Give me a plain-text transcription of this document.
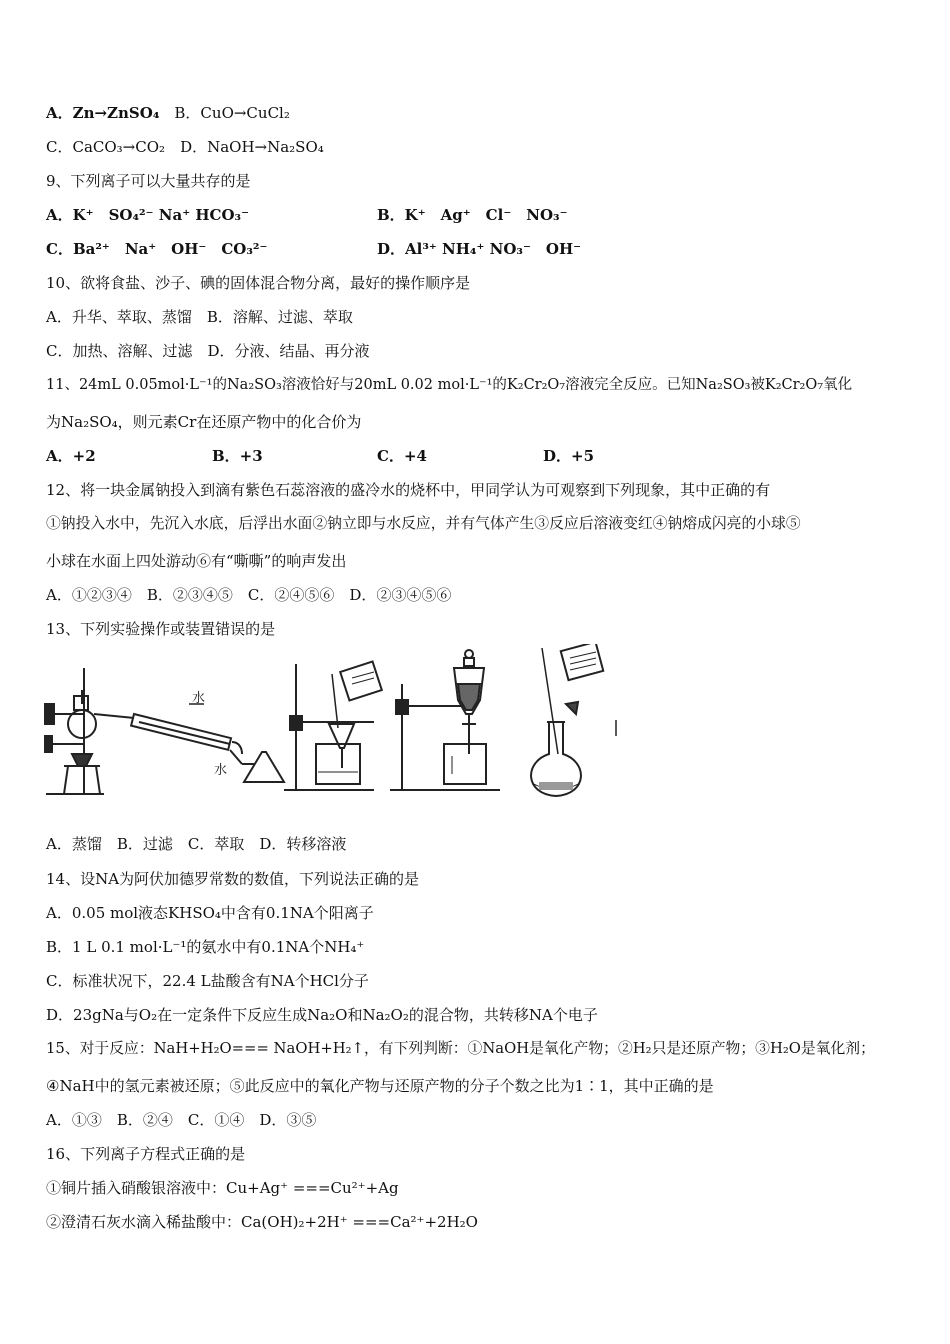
A．Zn→ZnSO₄　 B．CuO→CuCl₂
C．CaCO₃→CO₂　 D．NaOH→Na₂SO₄
9、下列离子可以大量共存的是
A．K⁺　SO₄²⁻ Na⁺ HCO₃⁻	B．K⁺　Ag⁺　Cl⁻　NO₃⁻
C．Ba²⁺　Na⁺　OH⁻　CO₃²⁻	D．Al³⁺ NH₄⁺ NO₃⁻　OH⁻
10、欲将食盐、沙子、碘的固体混合物分离，最好的操作顺序是
A．升华、萃取、蒸馏　B．溶解、过滤、萃取
C．加热、溶解、过滤　D．分液、结晶、再分液
11、24mL 0.05mol·L⁻¹的Na₂SO₃溶液恰好与20mL 0.02 mol·L⁻¹的K₂Cr₂O₇溶液完全反应。已知Na₂SO₃被K₂Cr₂O₇氧化
为Na₂SO₄，则元素Cr在还原产物中的化合价为
A．+2	B．+3	C．+4	D．+5
12、将一块金属钠投入到滴有紫色石蕊溶液的盛冷水的烧杯中，甲同学认为可观察到下列现象，其中正确的有
①钠投入水中，先沉入水底，后浮出水面②钠立即与水反应，并有气体产生③反应后溶液变红④钠熔成闪亮的小球⑤
小球在水面上四处游动⑥有“嘶嘶”的响声发出
A．①②③④　B．②③④⑤　C．②④⑤⑥　D．②③④⑤⑥
13、下列实验操作或装置错误的是
水
水
A．蒸馏　B．过滤　C．萃取　D．转移溶液
14、设NA为阿伏加德罗常数的数值，下列说法正确的是
A．0.05 mol液态KHSO₄中含有0.1NA个阳离子
B．1 L 0.1 mol·L⁻¹的氨水中有0.1NA个NH₄⁺
C．标准状况下，22.4 L盐酸含有NA个HCl分子
D．23gNa与O₂在一定条件下反应生成Na₂O和Na₂O₂的混合物，共转移NA个电子
15、对于反应：NaH+H₂O=== NaOH+H₂↑，有下列判断：①NaOH是氧化产物；②H₂只是还原产物；③H₂O是氧化剂；
④NaH中的氢元素被还原；⑤此反应中的氧化产物与还原产物的分子个数之比为1∶1，其中正确的是
A．①③　B．②④　C．①④　D．③⑤
16、下列离子方程式正确的是
①铜片插入硝酸银溶液中：Cu+Ag⁺ ===Cu²⁺+Ag
②澄清石灰水滴入稀盐酸中：Ca(OH)₂+2H⁺ ===Ca²⁺+2H₂O
